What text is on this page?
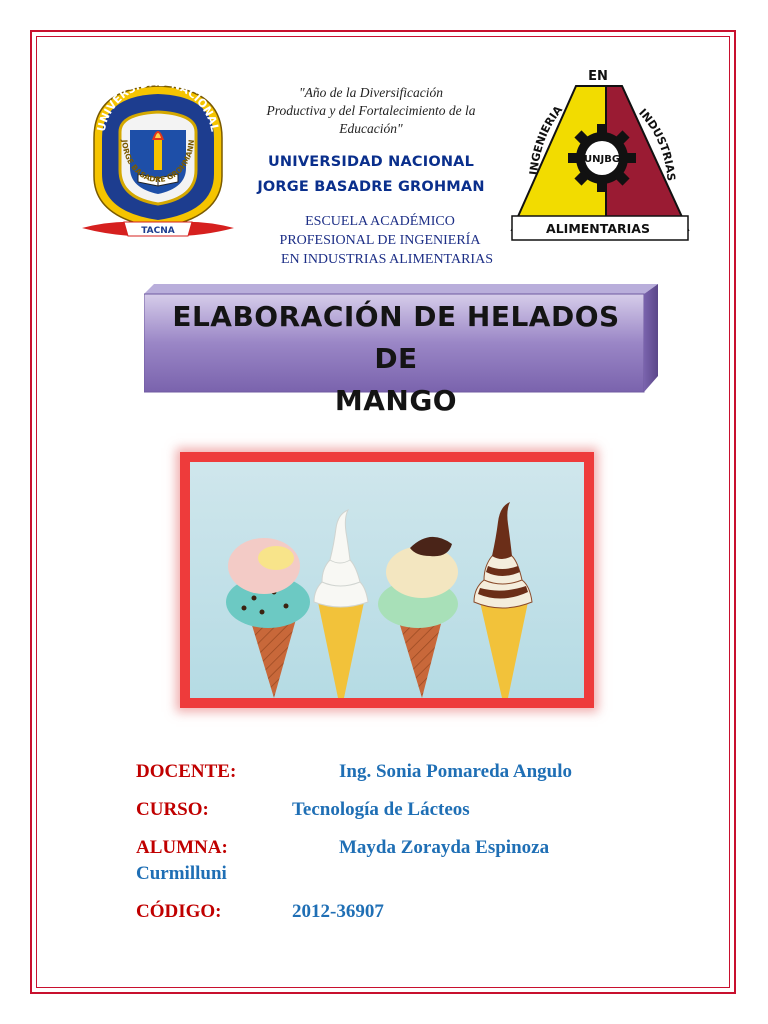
UNIVERSIDAD NACIONAL
JORGE BASADRE GROHMANN
TACNA
"Año de la Diversificación
Productiva y del Fortalecimiento de la
Educación"
UNIVERSIDAD NACIONAL
JORGE BASADRE GROHMAN
ESCUELA ACADÉMICO
PROFESIONAL DE INGENIERÍA
EN INDUSTRIAS ALIMENTARIAS
UNJBG
EN
INGENIERIA	INDUSTRIAS
ALIMENTARIAS
ELABORACIÓN DE HELADOS DE
MANGO
DOCENTE:	Ing. Sonia Pomareda Angulo
CURSO:	Tecnología de Lácteos
ALUMNA:	Mayda Zorayda Espinoza
Curmilluni
CÓDIGO:	2012-36907
